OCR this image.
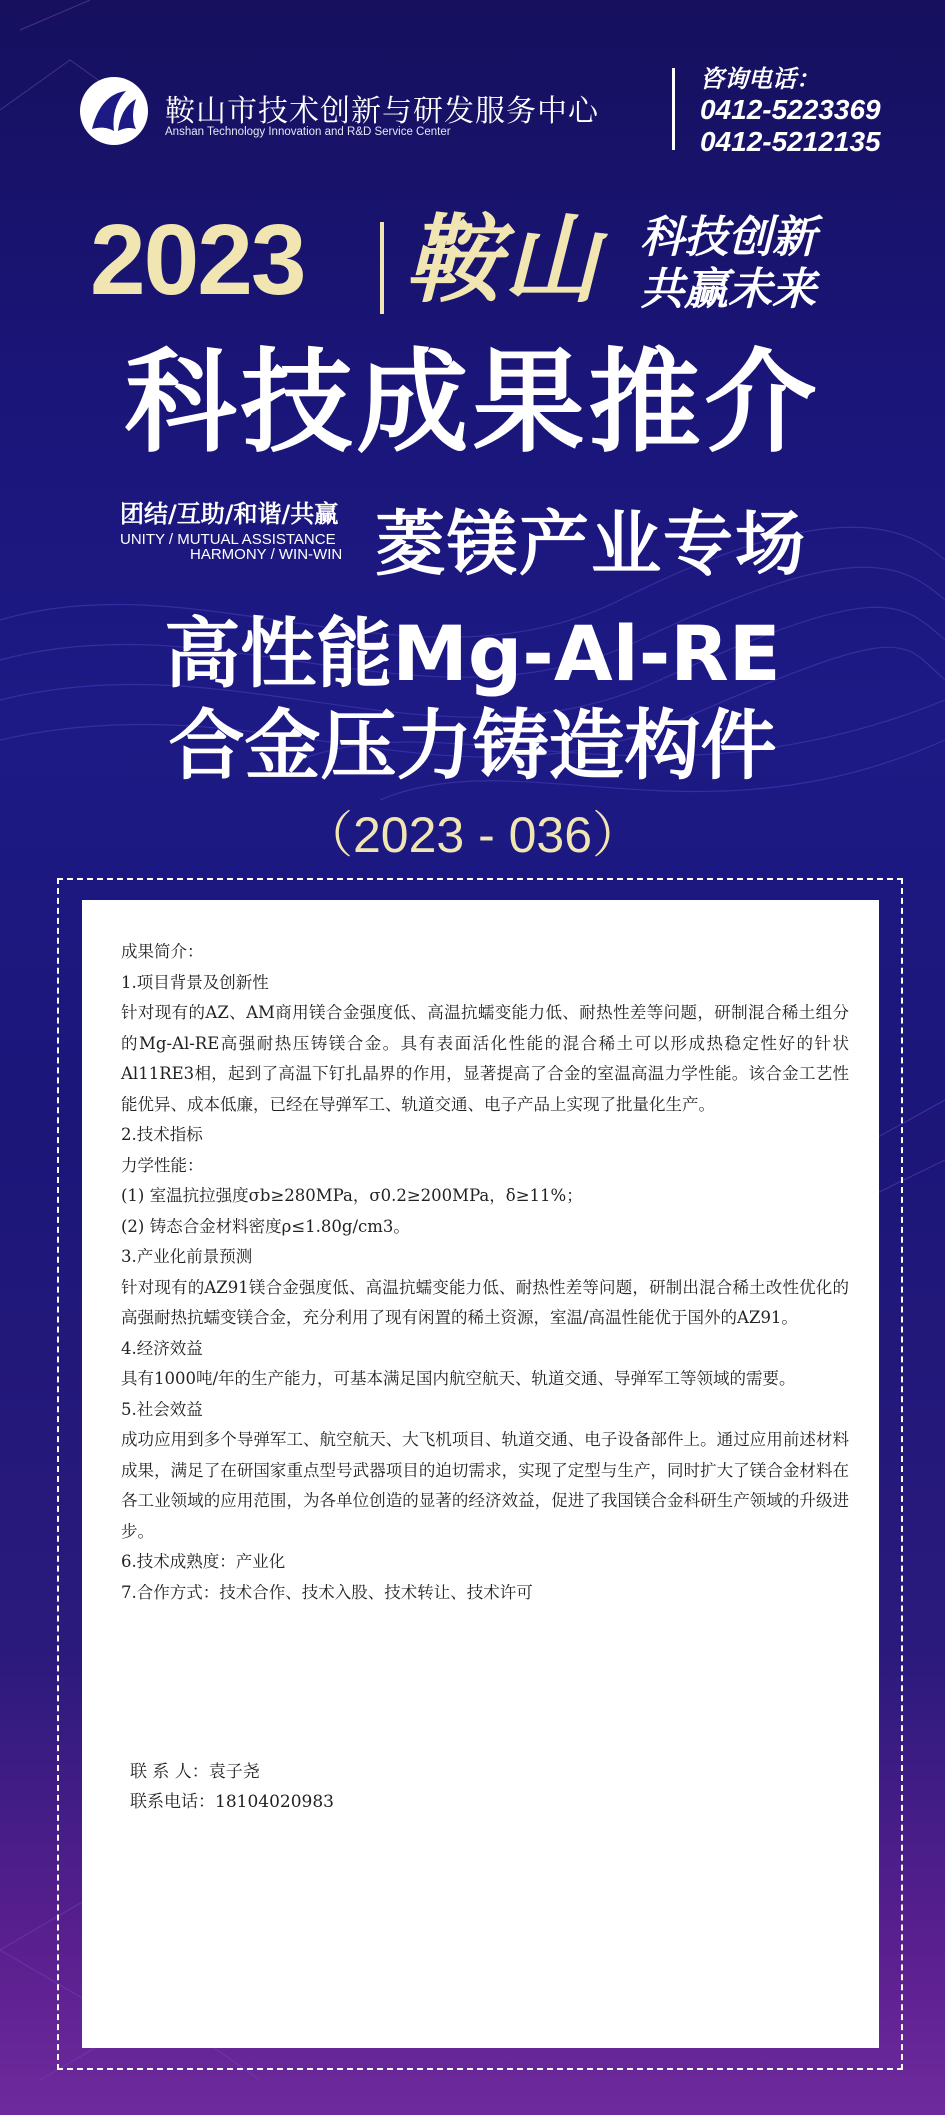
鞍山市技术创新与研发服务中心
Anshan Technology Innovation and R&D Service Center
咨询电话：
0412-5223369
0412-5212135
2023 鞍山 科技创新
共赢未来
科技成果推介
团结/互助/和谐/共赢
UNITY / MUTUAL ASSISTANCE
HARMONY / WIN-WIN 菱镁产业专场
高性能Mg-Al-RE
合金压力铸造构件
（2023 - 036）

成果简介：

1.项目背景及创新性

针对现有的AZ、AM商用镁合金强度低、高温抗蠕变能力低、耐热性差等问题，研制混合稀土组分的Mg-Al-RE高强耐热压铸镁合金。具有表面活化性能的混合稀土可以形成热稳定性好的针状Al11RE3相，起到了高温下钉扎晶界的作用，显著提高了合金的室温高温力学性能。该合金工艺性能优异、成本低廉，已经在导弹军工、轨道交通、电子产品上实现了批量化生产。

2.技术指标

力学性能：

(1) 室温抗拉强度σb≥280MPa，σ0.2≥200MPa，δ≥11%；

(2) 铸态合金材料密度ρ≤1.80g/cm3。

3.产业化前景预测

针对现有的AZ91镁合金强度低、高温抗蠕变能力低、耐热性差等问题，研制出混合稀土改性优化的高强耐热抗蠕变镁合金，充分利用了现有闲置的稀土资源，室温/高温性能优于国外的AZ91。

4.经济效益

具有1000吨/年的生产能力，可基本满足国内航空航天、轨道交通、导弹军工等领域的需要。

5.社会效益

成功应用到多个导弹军工、航空航天、大飞机项目、轨道交通、电子设备部件上。通过应用前述材料成果，满足了在研国家重点型号武器项目的迫切需求，实现了定型与生产，同时扩大了镁合金材料在各工业领域的应用范围，为各单位创造的显著的经济效益，促进了我国镁合金科研生产领域的升级进步。

6.技术成熟度：产业化

7.合作方式：技术合作、技术入股、技术转让、技术许可

联 系 人：袁子尧

联系电话：18104020983
